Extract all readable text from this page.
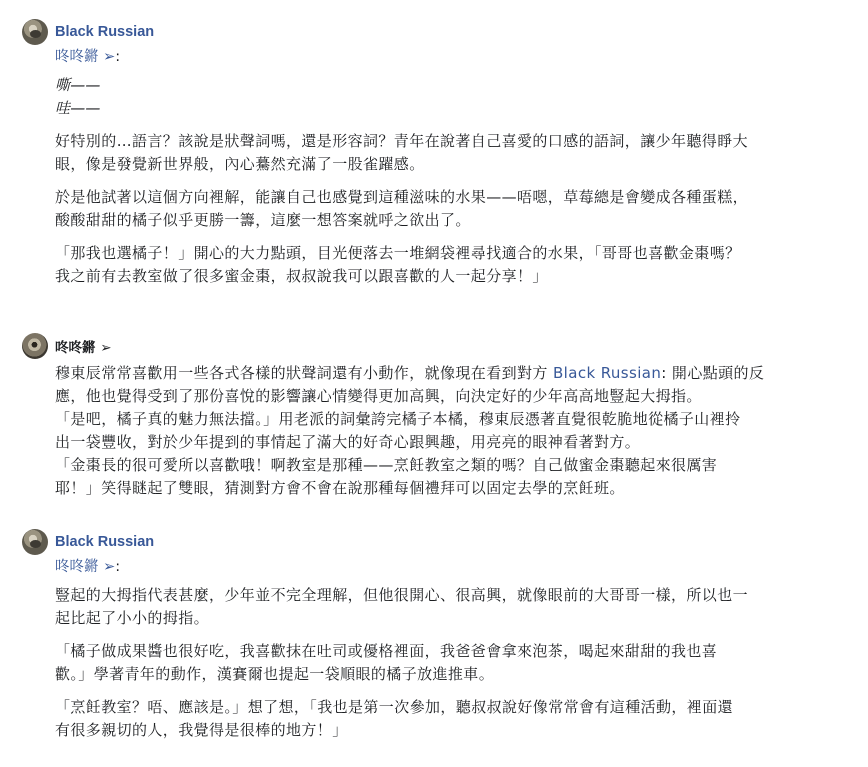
Black Russian
咚咚鏘 ➢:

嘶——

哇——

好特別的…語言？該說是狀聲詞嗎，還是形容詞？青年在說著自己喜愛的口感的語詞，讓少年聽得睜大

眼，像是發覺新世界般，內心驀然充滿了一股雀躍感。

於是他試著以這個方向裡解，能讓自己也感覺到這種滋味的水果——唔嗯，草莓總是會變成各種蛋糕，

酸酸甜甜的橘子似乎更勝一籌，這麼一想答案就呼之欲出了。

「那我也選橘子！」開心的大力點頭，目光便落去一堆網袋裡尋找適合的水果，「哥哥也喜歡金棗嗎？

我之前有去教室做了很多蜜金棗，叔叔說我可以跟喜歡的人一起分享！」

咚咚鏘 ➢

穆東辰常常喜歡用一些各式各樣的狀聲詞還有小動作，就像現在看到對方 Black Russian: 開心點頭的反

應，他也覺得受到了那份喜悅的影響讓心情變得更加高興，向決定好的少年高高地豎起大拇指。

「是吧，橘子真的魅力無法擋。」用老派的詞彙誇完橘子本橘，穆東辰憑著直覺很乾脆地從橘子山裡拎

出一袋豐收，對於少年提到的事情起了滿大的好奇心跟興趣，用亮亮的眼神看著對方。

「金棗長的很可愛所以喜歡哦！啊教室是那種——烹飪教室之類的嗎？自己做蜜金棗聽起來很厲害

耶！」笑得瞇起了雙眼，猜測對方會不會在說那種每個禮拜可以固定去學的烹飪班。

Black Russian
咚咚鏘 ➢:

豎起的大拇指代表甚麼，少年並不完全理解，但他很開心、很高興，就像眼前的大哥哥一樣，所以也一

起比起了小小的拇指。

「橘子做成果醬也很好吃，我喜歡抹在吐司或優格裡面，我爸爸會拿來泡茶，喝起來甜甜的我也喜

歡。」學著青年的動作，漢賽爾也提起一袋順眼的橘子放進推車。

「烹飪教室？唔、應該是。」想了想，「我也是第一次參加，聽叔叔說好像常常會有這種活動，裡面還

有很多親切的人，我覺得是很棒的地方！」
